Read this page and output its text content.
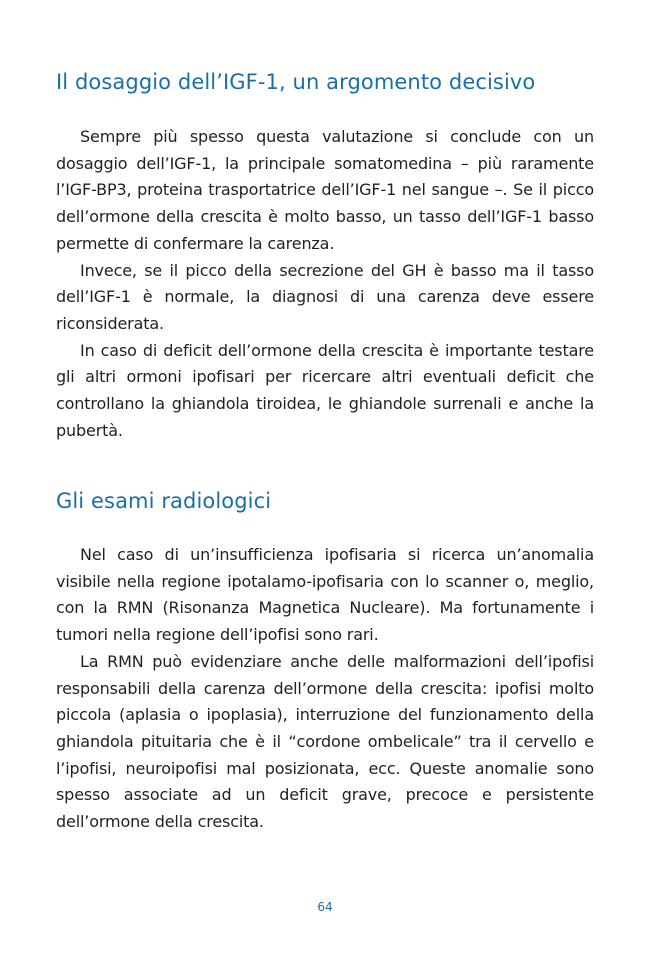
Il dosaggio dell’IGF-1, un argomento decisivo

Sempre più spesso questa valutazione si conclude con un dosaggio dell’IGF-1, la principale somatomedina – più raramente l’IGF-BP3, proteina trasportatrice dell’IGF-1 nel sangue –. Se il picco dell’ormone della crescita è molto basso, un tasso dell’IGF-1 basso permette di confermare la carenza.

Invece, se il picco della secrezione del GH è basso ma il tasso dell’IGF-1 è normale, la diagnosi di una carenza deve essere riconsiderata.

In caso di deficit dell’ormone della crescita è importante testare gli altri ormoni ipofisari per ricercare altri eventuali deficit che controllano la ghiandola tiroidea, le ghiandole surrenali e anche la pubertà.

Gli esami radiologici

Nel caso di un’insufficienza ipofisaria si ricerca un’anomalia visibile nella regione ipotalamo-ipofisaria con lo scanner o, meglio, con la RMN (Risonanza Magnetica Nucleare). Ma fortunamente i tumori nella regione dell’ipofisi sono rari.

La RMN può evidenziare anche delle malformazioni dell’ipofisi responsabili della carenza dell’ormone della crescita: ipofisi molto piccola (aplasia o ipoplasia), interruzione del funzionamento della ghiandola pituitaria che è il “cordone ombelicale” tra il cervello e l’ipofisi, neuroipofisi mal posizionata, ecc. Queste anomalie sono spesso associate ad un deficit grave, precoce e persistente dell’ormone della crescita.

64
